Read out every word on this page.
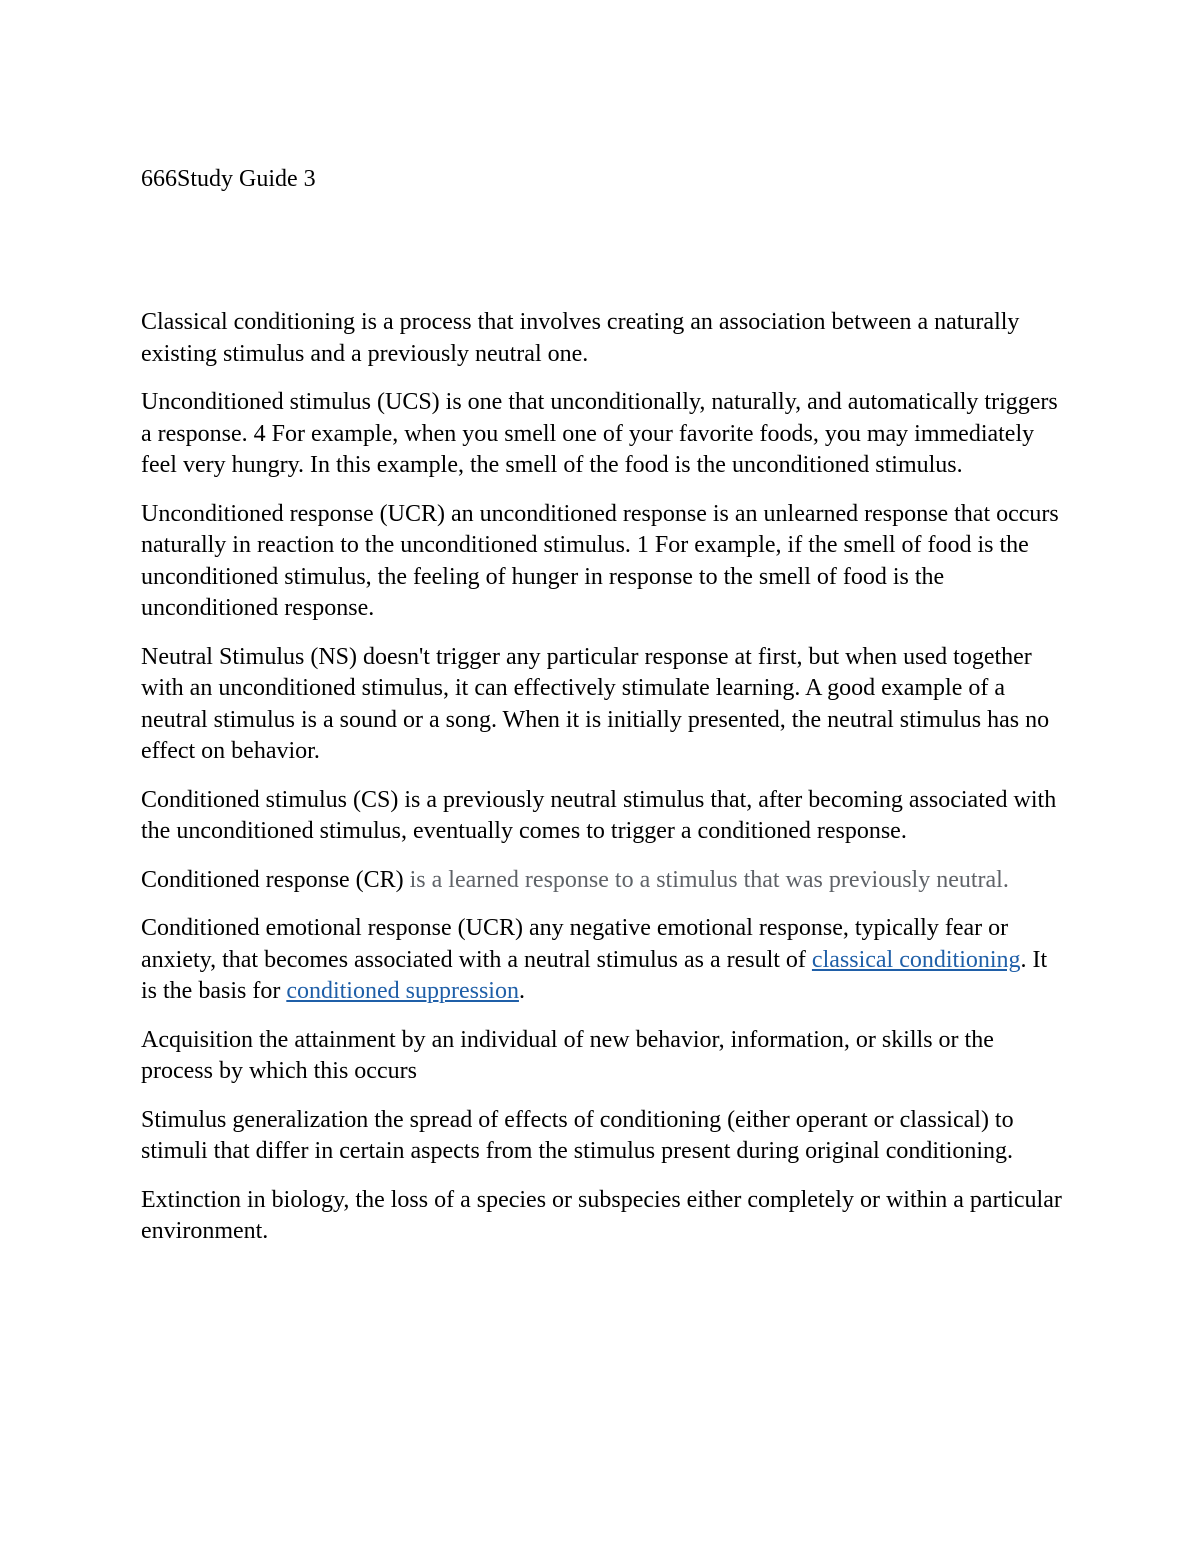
666Study Guide 3

Classical conditioning is a process that involves creating an association between a naturally existing stimulus and a previously neutral one.

Unconditioned stimulus (UCS) is one that unconditionally, naturally, and automatically triggers a response. 4 For example, when you smell one of your favorite foods, you may immediately feel very hungry. In this example, the smell of the food is the unconditioned stimulus.

Unconditioned response (UCR) an unconditioned response is an unlearned response that occurs naturally in reaction to the unconditioned stimulus. 1 For example, if the smell of food is the unconditioned stimulus, the feeling of hunger in response to the smell of food is the unconditioned response.

Neutral Stimulus (NS) doesn't trigger any particular response at first, but when used together with an unconditioned stimulus, it can effectively stimulate learning. A good example of a neutral stimulus is a sound or a song. When it is initially presented, the neutral stimulus has no effect on behavior.

Conditioned stimulus (CS) is a previously neutral stimulus that, after becoming associated with the unconditioned stimulus, eventually comes to trigger a conditioned response.

Conditioned response (CR) is a learned response to a stimulus that was previously neutral.

Conditioned emotional response (UCR) any negative emotional response, typically fear or anxiety, that becomes associated with a neutral stimulus as a result of classical conditioning. It is the basis for conditioned suppression.

Acquisition the attainment by an individual of new behavior, information, or skills or the process by which this occurs

Stimulus generalization the spread of effects of conditioning (either operant or classical) to stimuli that differ in certain aspects from the stimulus present during original conditioning.

Extinction in biology, the loss of a species or subspecies either completely or within a particular environment.
